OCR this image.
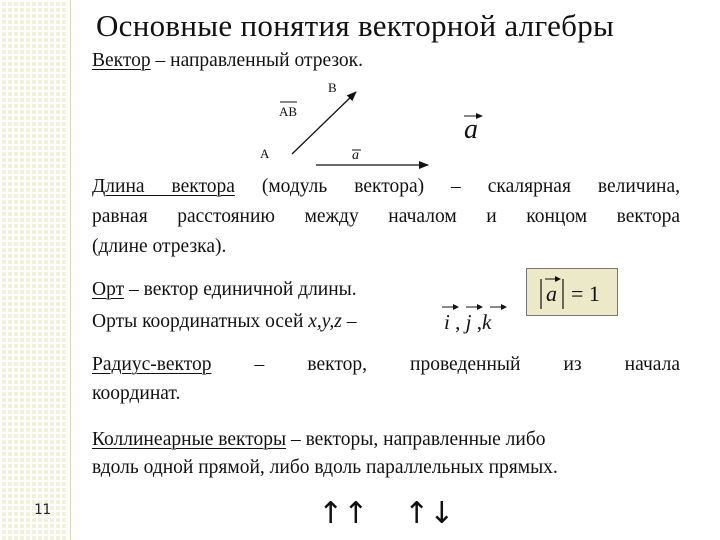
11
Основные понятия векторной алгебры
Вектор – направленный отрезок.
B
AB
A	a
a
Длина вектора (модуль вектора) – скалярная величина,
равная расстоянию между началом и концом вектора
(длине отрезка).
Орт – вектор единичной длины.
Орты координатных осей x,y,z –	i , j ,k
a = 1
Радиус-вектор – вектор, проведенный из начала
координат.
Коллинеарные векторы – векторы, направленные либо
вдоль одной прямой, либо вдоль параллельных прямых.
↑↑ ↑↓
